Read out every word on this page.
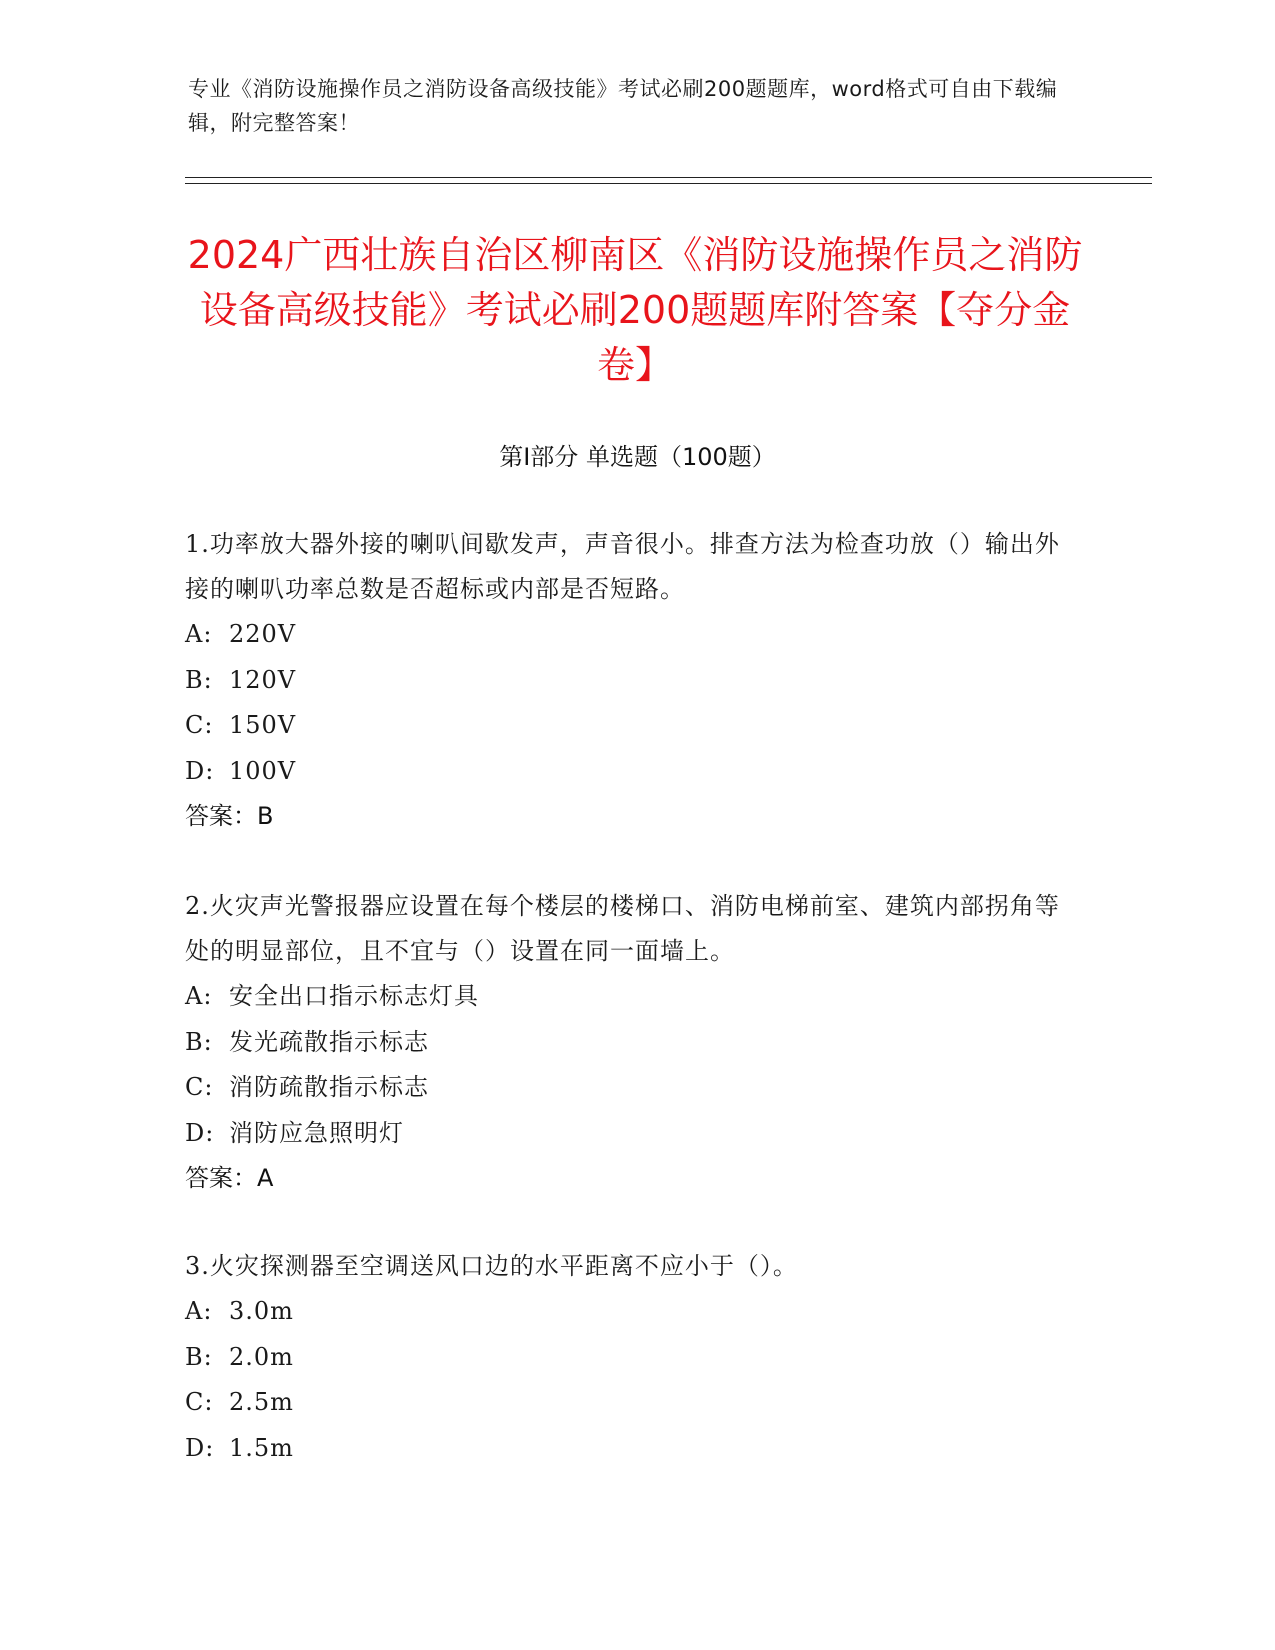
专业《消防设施操作员之消防设备高级技能》考试必刷200题题库，word格式可自由下载编辑，附完整答案！
2024广西壮族自治区柳南区《消防设施操作员之消防设备高级技能》考试必刷200题题库附答案【夺分金卷】
第I部分 单选题（100题）
1.功率放大器外接的喇叭间歇发声，声音很小。排查方法为检查功放（）输出外接的喇叭功率总数是否超标或内部是否短路。
A: 220V
B: 120V
C: 150V
D: 100V
答案：B
2.火灾声光警报器应设置在每个楼层的楼梯口、消防电梯前室、建筑内部拐角等处的明显部位，且不宜与（）设置在同一面墙上。
A: 安全出口指示标志灯具
B: 发光疏散指示标志
C: 消防疏散指示标志
D: 消防应急照明灯
答案：A
3.火灾探测器至空调送风口边的水平距离不应小于（）。
A: 3.0m
B: 2.0m
C: 2.5m
D: 1.5m
